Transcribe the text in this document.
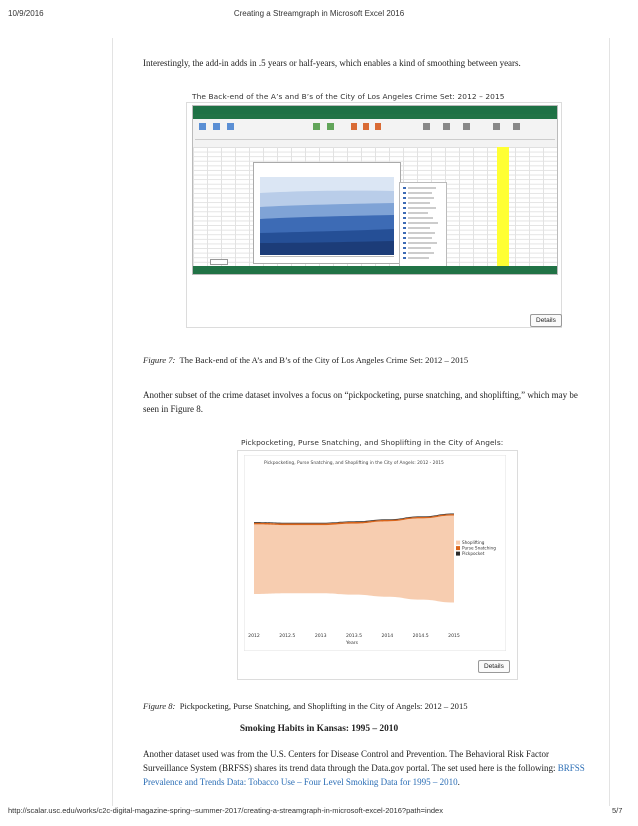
10/9/2016	Creating a Streamgraph in Microsoft Excel 2016
Interestingly, the add-in adds in .5 years or half-years, which enables a kind of smoothing between years.
The Back-end of the A’s and B’s of the City of Los Angeles Crime Set: 2012 – 2015
Details
Figure 7: The Back-end of the A’s and B’s of the City of Los Angeles Crime Set: 2012 – 2015
Another subset of the crime dataset involves a focus on “pickpocketing, purse snatching, and shoplifting,” which may be seen in Figure 8.
Pickpocketing, Purse Snatching, and Shoplifting in the City of Angels:
Pickpocketing, Purse Snatching, and Shoplifting in the City of Angels: 2012 - 2015
Shoplifting
Purse Snatching
Pickpocket
2012	2012.5	2013	2013.5	2014	2014.5	2015
Years
Details
Figure 8: Pickpocketing, Purse Snatching, and Shoplifting in the City of Angels: 2012 – 2015
Smoking Habits in Kansas: 1995 – 2010
Another dataset used was from the U.S. Centers for Disease Control and Prevention. The Behavioral Risk Factor Surveillance System (BRFSS) shares its trend data through the Data.gov portal. The set used here is the following: BRFSS Prevalence and Trends Data: Tobacco Use – Four Level Smoking Data for 1995 – 2010.
http://scalar.usc.edu/works/c2c-digital-magazine-spring--summer-2017/creating-a-streamgraph-in-microsoft-excel-2016?path=index	5/7
